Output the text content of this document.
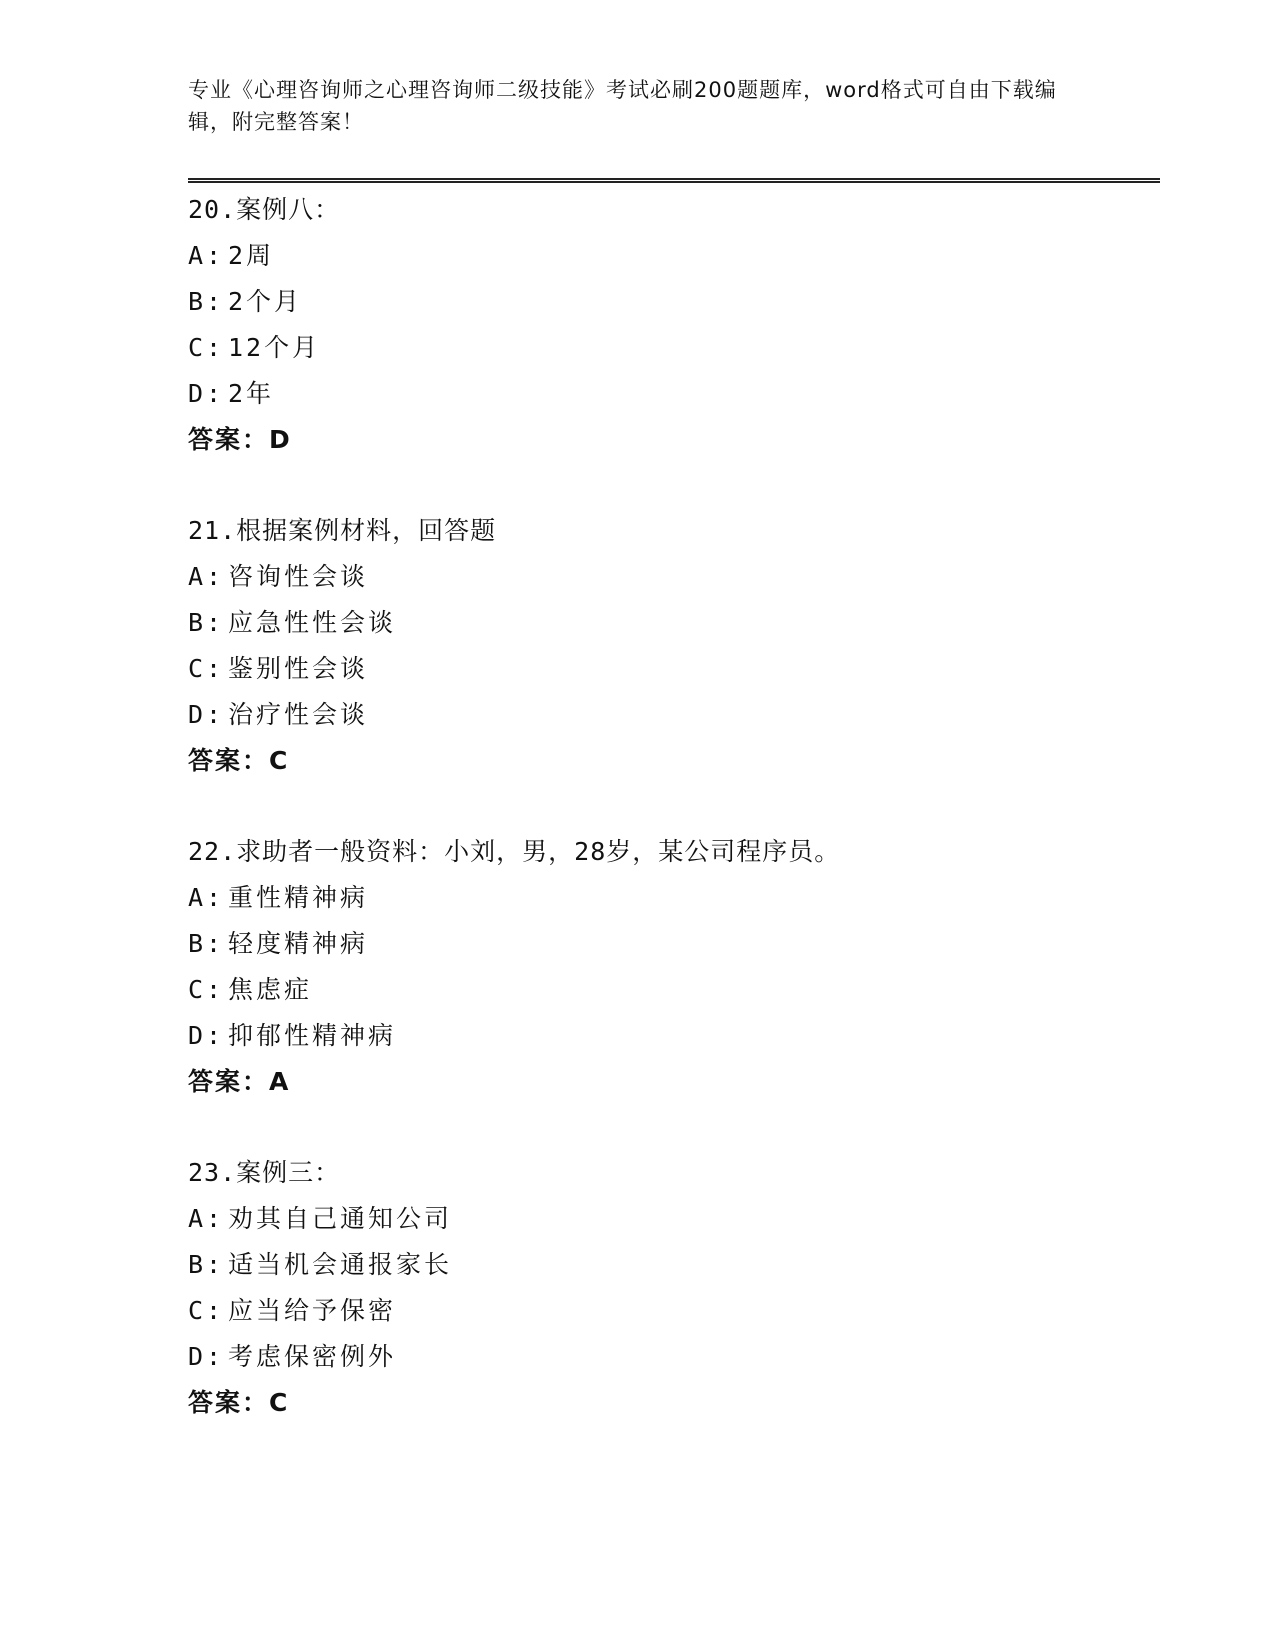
专业《心理咨询师之心理咨询师二级技能》考试必刷200题题库，word格式可自由下载编辑，附完整答案！
20.案例八：
A: 2周
B: 2个月
C: 12个月
D: 2年
答案：D
21.根据案例材料，回答题
A: 咨询性会谈
B: 应急性性会谈
C: 鉴别性会谈
D: 治疗性会谈
答案：C
22.求助者一般资料：小刘，男，28岁，某公司程序员。
A: 重性精神病
B: 轻度精神病
C: 焦虑症
D: 抑郁性精神病
答案：A
23.案例三：
A: 劝其自己通知公司
B: 适当机会通报家长
C: 应当给予保密
D: 考虑保密例外
答案：C
